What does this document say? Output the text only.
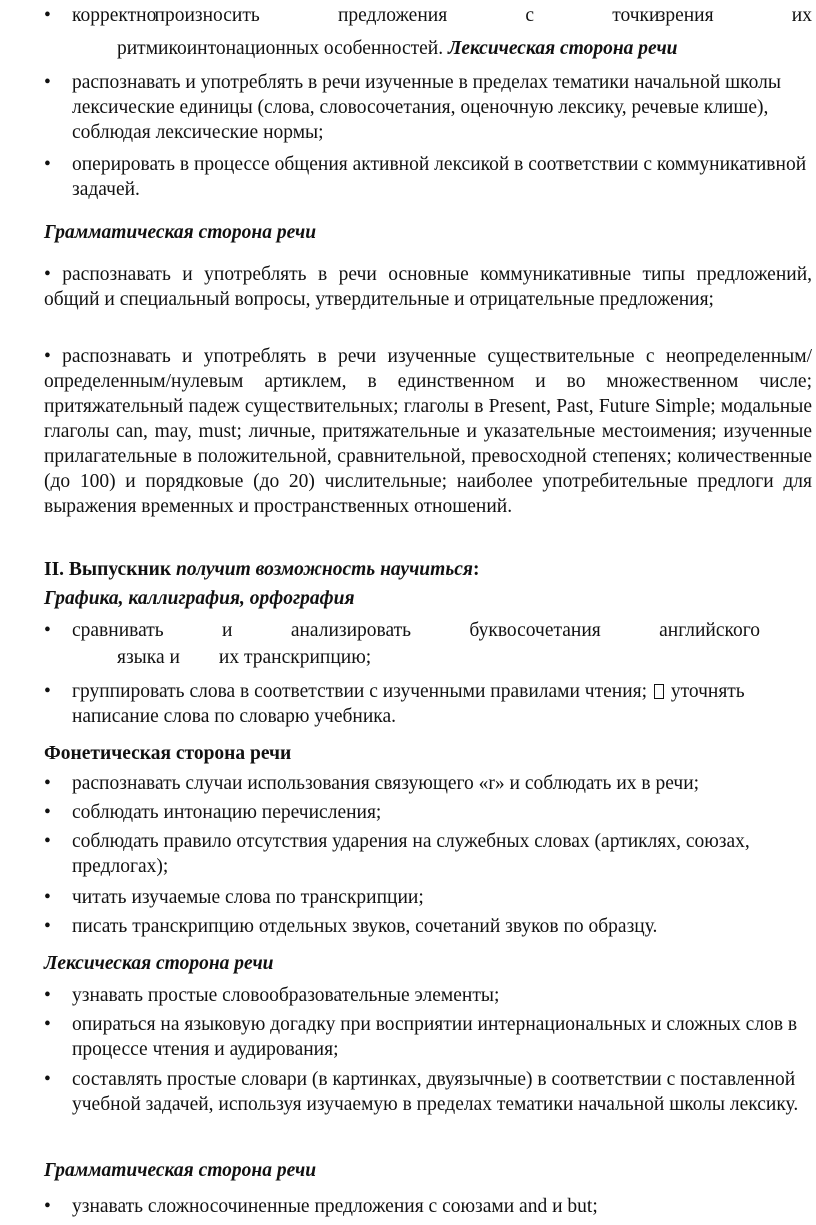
•	корректно
произносить	предложения	с	точки
зрения	их
ритмикоинтонационных особенностей. Лексическая сторона речи
•	распознавать и употреблять в речи изученные в пределах тематики начальной школы лексические единицы (слова, словосочетания, оценочную лексику, речевые клише), соблюдая лексические нормы;
•	оперировать в процессе общения активной лексикой в соответствии с коммуникативной задачей.
Грамматическая сторона речи
• распознавать и употреблять в речи основные коммуникативные типы предложений, общий и специальный вопросы, утвердительные и отрицательные предложения;
• распознавать и употреблять в речи изученные существительные с неопределенным/определенным/нулевым артиклем, в единственном и во множественном числе; притяжательный падеж существительных; глаголы в Present, Past, Future Simple; модальные глаголы can, may, must; личные, притяжательные и указательные местоимения; изученные прилагательные в положительной, сравнительной, превосходной степенях; количественные (до 100) и порядковые (до 20) числительные; наиболее употребительные предлоги для выражения временных и пространственных отношений.
II. Выпускник получит возможность научиться:
Графика, каллиграфия, орфография
•	сравнивать	и	анализировать	буквосочетания	английского
языка и        их транскрипцию;
•	группировать слова в соответствии с изученными правилами чтения; уточнять написание слова по словарю учебника.
Фонетическая сторона речи
•	распознавать случаи использования связующего «r» и соблюдать их в речи;
•	соблюдать интонацию перечисления;
•	соблюдать правило отсутствия ударения на служебных словах (артиклях, союзах, предлогах);
•	читать изучаемые слова по транскрипции;
•	писать транскрипцию отдельных звуков, сочетаний звуков по образцу.
Лексическая сторона речи
•	узнавать простые словообразовательные элементы;
•	опираться на языковую догадку при восприятии интернациональных и сложных слов в процессе чтения и аудирования;
•	составлять простые словари (в картинках, двуязычные) в соответствии с поставленной учебной задачей, используя изучаемую в пределах тематики начальной школы лексику.
Грамматическая сторона речи
•	узнавать сложносочиненные предложения с союзами and и but;
